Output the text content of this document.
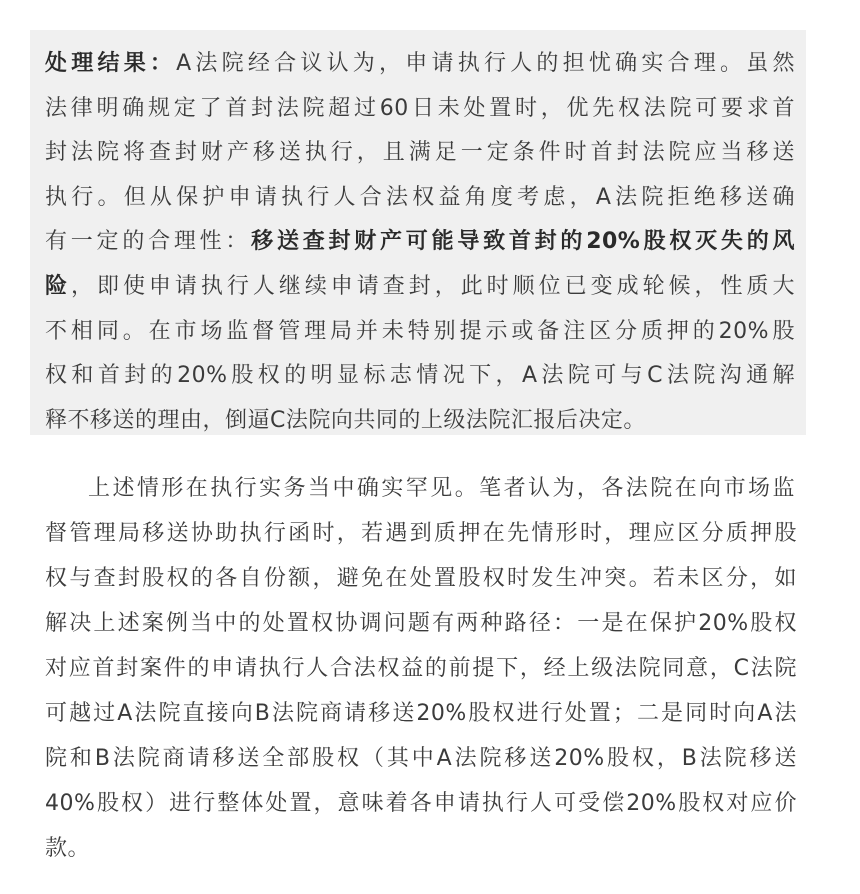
处理结果：A法院经合议认为，申请执行人的担忧确实合理。虽然
法律明确规定了首封法院超过60日未处置时，优先权法院可要求首
封法院将查封财产移送执行，且满足一定条件时首封法院应当移送
执行。但从保护申请执行人合法权益角度考虑，A法院拒绝移送确
有一定的合理性：移送查封财产可能导致首封的20%股权灭失的风
险，即使申请执行人继续申请查封，此时顺位已变成轮候，性质大
不相同。在市场监督管理局并未特别提示或备注区分质押的20%股
权和首封的20%股权的明显标志情况下，A法院可与C法院沟通解
释不移送的理由，倒逼C法院向共同的上级法院汇报后决定。
上述情形在执行实务当中确实罕见。笔者认为，各法院在向市场监
督管理局移送协助执行函时，若遇到质押在先情形时，理应区分质押股
权与查封股权的各自份额，避免在处置股权时发生冲突。若未区分，如
解决上述案例当中的处置权协调问题有两种路径：一是在保护20%股权
对应首封案件的申请执行人合法权益的前提下，经上级法院同意，C法院
可越过A法院直接向B法院商请移送20%股权进行处置；二是同时向A法
院和B法院商请移送全部股权（其中A法院移送20%股权，B法院移送
40%股权）进行整体处置，意味着各申请执行人可受偿20%股权对应价
款。
